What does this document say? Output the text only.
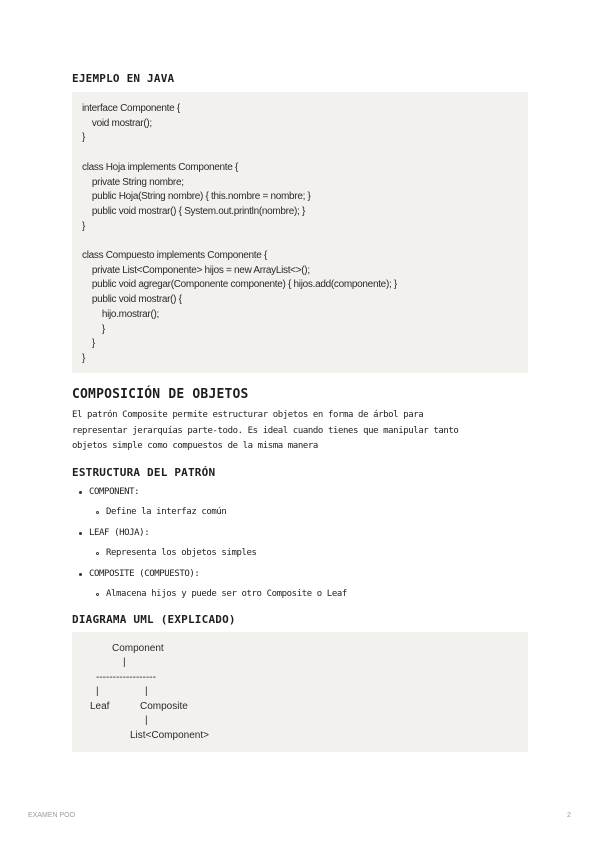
EJEMPLO EN JAVA
interface Componente {
void mostrar();
}

class Hoja implements Componente {
private String nombre;
public Hoja(String nombre) { this.nombre = nombre; }
public void mostrar() { System.out.println(nombre); }
}

class Compuesto implements Componente {
private List<Componente> hijos = new ArrayList<>();
public void agregar(Componente componente) { hijos.add(componente); }
public void mostrar() {
hijo.mostrar();
}
}
}
COMPOSICIÓN DE OBJETOS
El patrón Composite permite estructurar objetos en forma de árbol para
representar jerarquías parte-todo. Es ideal cuando tienes que manipular tanto
objetos simple como compuestos de la misma manera
ESTRUCTURA DEL PATRÓN
COMPONENT:
Define la interfaz común
LEAF (HOJA):
Representa los objetos simples
COMPOSITE (COMPUESTO):
Almacena hijos y puede ser otro Composite o Leaf
DIAGRAMA UML (EXPLICADO)
Component
|
------------------
|	|
Leaf	Composite
|
List<Component>
EXAMEN POO	2
